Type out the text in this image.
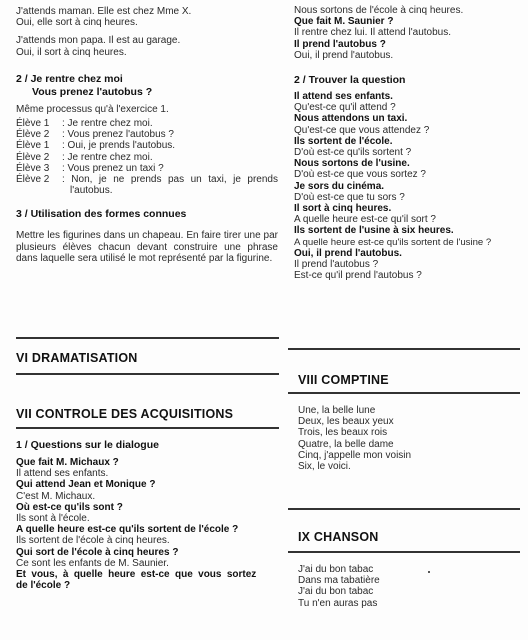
J'attends maman. Elle est chez Mme X.
Oui, elle sort à cinq heures.
J'attends mon papa. Il est au garage.
Oui, il sort à cinq heures.
2 / Je rentre chez moi
Vous prenez l'autobus ?
Même processus qu'à l'exercice 1.
Élève 1	: Je rentre chez moi.
Élève 2	: Vous prenez l'autobus ?
Élève 1	: Oui, je prends l'autobus.
Élève 2	: Je rentre chez moi.
Élève 3	: Vous prenez un taxi ?
Élève 2	: Non, je ne prends pas un taxi, je prends l'autobus.
3 / Utilisation des formes connues
Mettre les figurines dans un chapeau. En faire tirer une par plusieurs élèves chacun devant construire une phrase dans laquelle sera utilisé le mot représenté par la figurine.
VI DRAMATISATION
VII CONTROLE DES ACQUISITIONS
1 / Questions sur le dialogue
Que fait M. Michaux ?
Il attend ses enfants.
Qui attend Jean et Monique ?
C'est M. Michaux.
Où est-ce qu'ils sont ?
Ils sont à l'école.
A quelle heure est-ce qu'ils sortent de l'école ?
Ils sortent de l'école à cinq heures.
Qui sort de l'école à cinq heures ?
Ce sont les enfants de M. Saunier.
Et vous, à quelle heure est-ce que vous sortez
de l'école ?
Nous sortons de l'école à cinq heures.
Que fait M. Saunier ?
Il rentre chez lui. Il attend l'autobus.
Il prend l'autobus ?
Oui, il prend l'autobus.
2 / Trouver la question
Il attend ses enfants.
Qu'est-ce qu'il attend ?
Nous attendons un taxi.
Qu'est-ce que vous attendez ?
Ils sortent de l'école.
D'où est-ce qu'ils sortent ?
Nous sortons de l'usine.
D'où est-ce que vous sortez ?
Je sors du cinéma.
D'où est-ce que tu sors ?
Il sort à cinq heures.
A quelle heure est-ce qu'il sort ?
Ils sortent de l'usine à six heures.
A quelle heure est-ce qu'ils sortent de l'usine ?
Oui, il prend l'autobus.
Il prend l'autobus ?
Est-ce qu'il prend l'autobus ?
VIII COMPTINE
Une, la belle lune
Deux, les beaux yeux
Trois, les beaux rois
Quatre, la belle dame
Cinq, j'appelle mon voisin
Six, le voici.
IX CHANSON
J'ai du bon tabac
Dans ma tabatière
J'ai du bon tabac
Tu n'en auras pas
